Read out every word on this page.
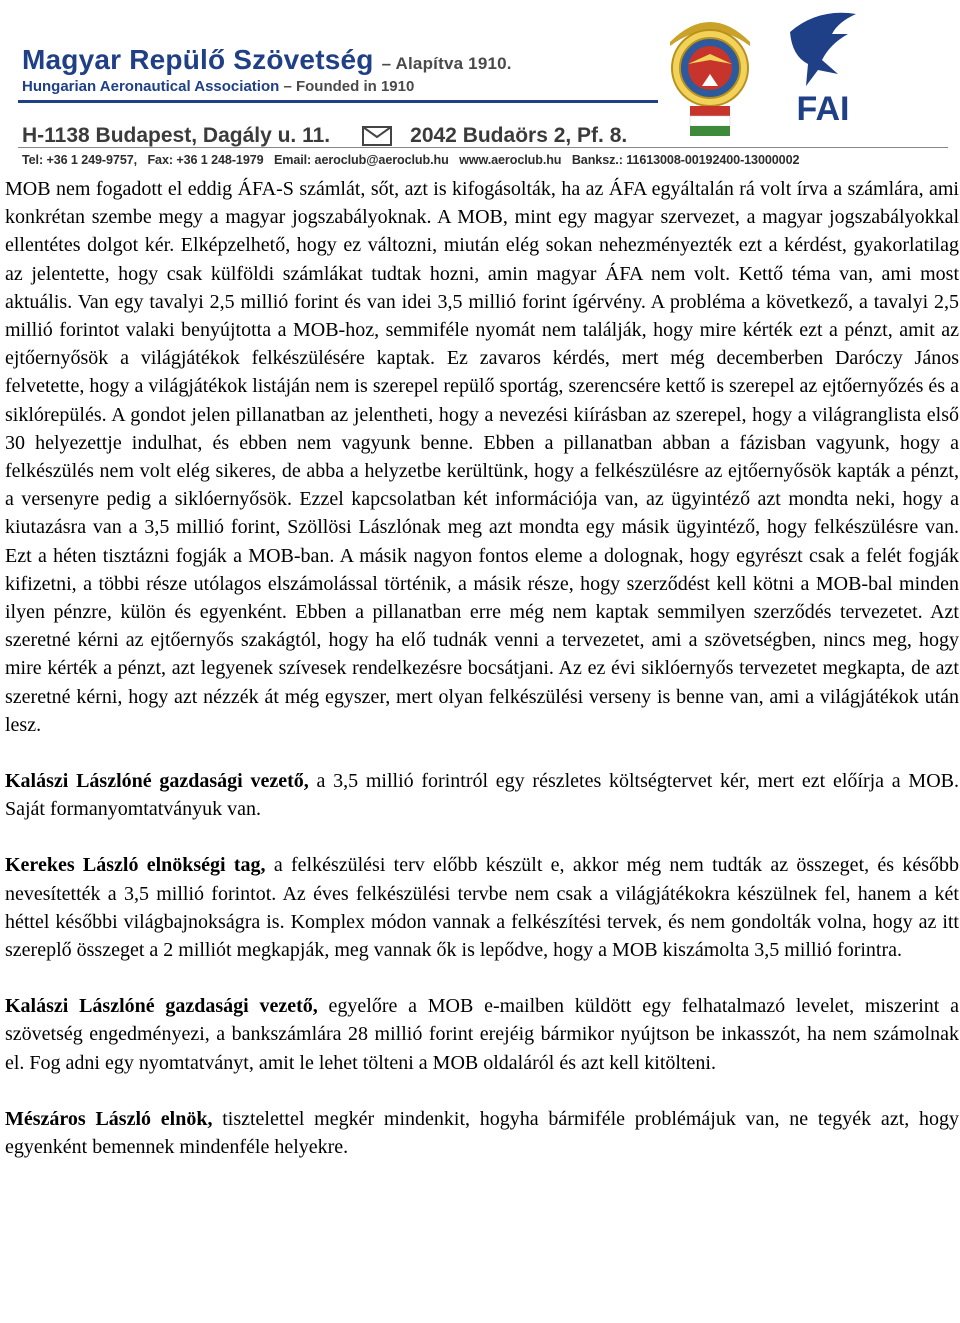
Magyar Repülő Szövetség – Alapítva 1910.
Hungarian Aeronautical Association – Founded in 1910
H-1138 Budapest, Dagály u. 11.	2042 Budaörs 2, Pf. 8.
Tel: +36 1 249-9757, Fax: +36 1 248-1979 Email: aeroclub@aeroclub.hu www.aeroclub.hu Banksz.: 11613008-00192400-13000002
FAI

MOB nem fogadott el eddig ÁFA-S számlát, sőt, azt is kifogásolták, ha az ÁFA egyáltalán rá volt írva a számlára, ami konkrétan szembe megy a magyar jogszabályoknak. A MOB, mint egy magyar szervezet, a magyar jogszabályokkal ellentétes dolgot kér. Elképzelhető, hogy ez változni, miután elég sokan nehezményezték ezt a kérdést, gyakorlatilag az jelentette, hogy csak külföldi számlákat tudtak hozni, amin magyar ÁFA nem volt. Kettő téma van, ami most aktuális. Van egy tavalyi 2,5 millió forint és van idei 3,5 millió forint ígérvény. A probléma a következő, a tavalyi 2,5 millió forintot valaki benyújtotta a MOB-hoz, semmiféle nyomát nem találják, hogy mire kérték ezt a pénzt, amit az ejtőernyősök a világjátékok felkészülésére kaptak. Ez zavaros kérdés, mert még decemberben Daróczy János felvetette, hogy a világjátékok listáján nem is szerepel repülő sportág, szerencsére kettő is szerepel az ejtőernyőzés és a siklórepülés. A gondot jelen pillanatban az jelentheti, hogy a nevezési kiírásban az szerepel, hogy a világranglista első 30 helyezettje indulhat, és ebben nem vagyunk benne. Ebben a pillanatban abban a fázisban vagyunk, hogy a felkészülés nem volt elég sikeres, de abba a helyzetbe kerültünk, hogy a felkészülésre az ejtőernyősök kapták a pénzt, a versenyre pedig a siklóernyősök. Ezzel kapcsolatban két információja van, az ügyintéző azt mondta neki, hogy a kiutazásra van a 3,5 millió forint, Szöllösi Lászlónak meg azt mondta egy másik ügyintéző, hogy felkészülésre van. Ezt a héten tisztázni fogják a MOB-ban. A másik nagyon fontos eleme a dolognak, hogy egyrészt csak a felét fogják kifizetni, a többi része utólagos elszámolással történik, a másik része, hogy szerződést kell kötni a MOB-bal minden ilyen pénzre, külön és egyenként. Ebben a pillanatban erre még nem kaptak semmilyen szerződés tervezetet. Azt szeretné kérni az ejtőernyős szakágtól, hogy ha elő tudnák venni a tervezetet, ami a szövetségben, nincs meg, hogy mire kérték a pénzt, azt legyenek szívesek rendelkezésre bocsátjani. Az ez évi siklóernyős tervezetet megkapta, de azt szeretné kérni, hogy azt nézzék át még egyszer, mert olyan felkészülési verseny is benne van, ami a világjátékok után lesz.

Kalászi Lászlóné gazdasági vezető, a 3,5 millió forintról egy részletes költségtervet kér, mert ezt előírja a MOB. Saját formanyomtatványuk van.

Kerekes László elnökségi tag, a felkészülési terv előbb készült e, akkor még nem tudták az összeget, és később nevesítették a 3,5 millió forintot. Az éves felkészülési tervbe nem csak a világjátékokra készülnek fel, hanem a két héttel későbbi világbajnokságra is. Komplex módon vannak a felkészítési tervek, és nem gondolták volna, hogy az itt szereplő összeget a 2 milliót megkapják, meg vannak ők is lepődve, hogy a MOB kiszámolta 3,5 millió forintra.

Kalászi Lászlóné gazdasági vezető, egyelőre a MOB e-mailben küldött egy felhatalmazó levelet, miszerint a szövetség engedményezi, a bankszámlára 28 millió forint erejéig bármikor nyújtson be inkasszót, ha nem számolnak el. Fog adni egy nyomtatványt, amit le lehet tölteni a MOB oldaláról és azt kell kitölteni.

Mészáros László elnök, tisztelettel megkér mindenkit, hogyha bármiféle problémájuk van, ne tegyék azt, hogy egyenként bemennek mindenféle helyekre.
